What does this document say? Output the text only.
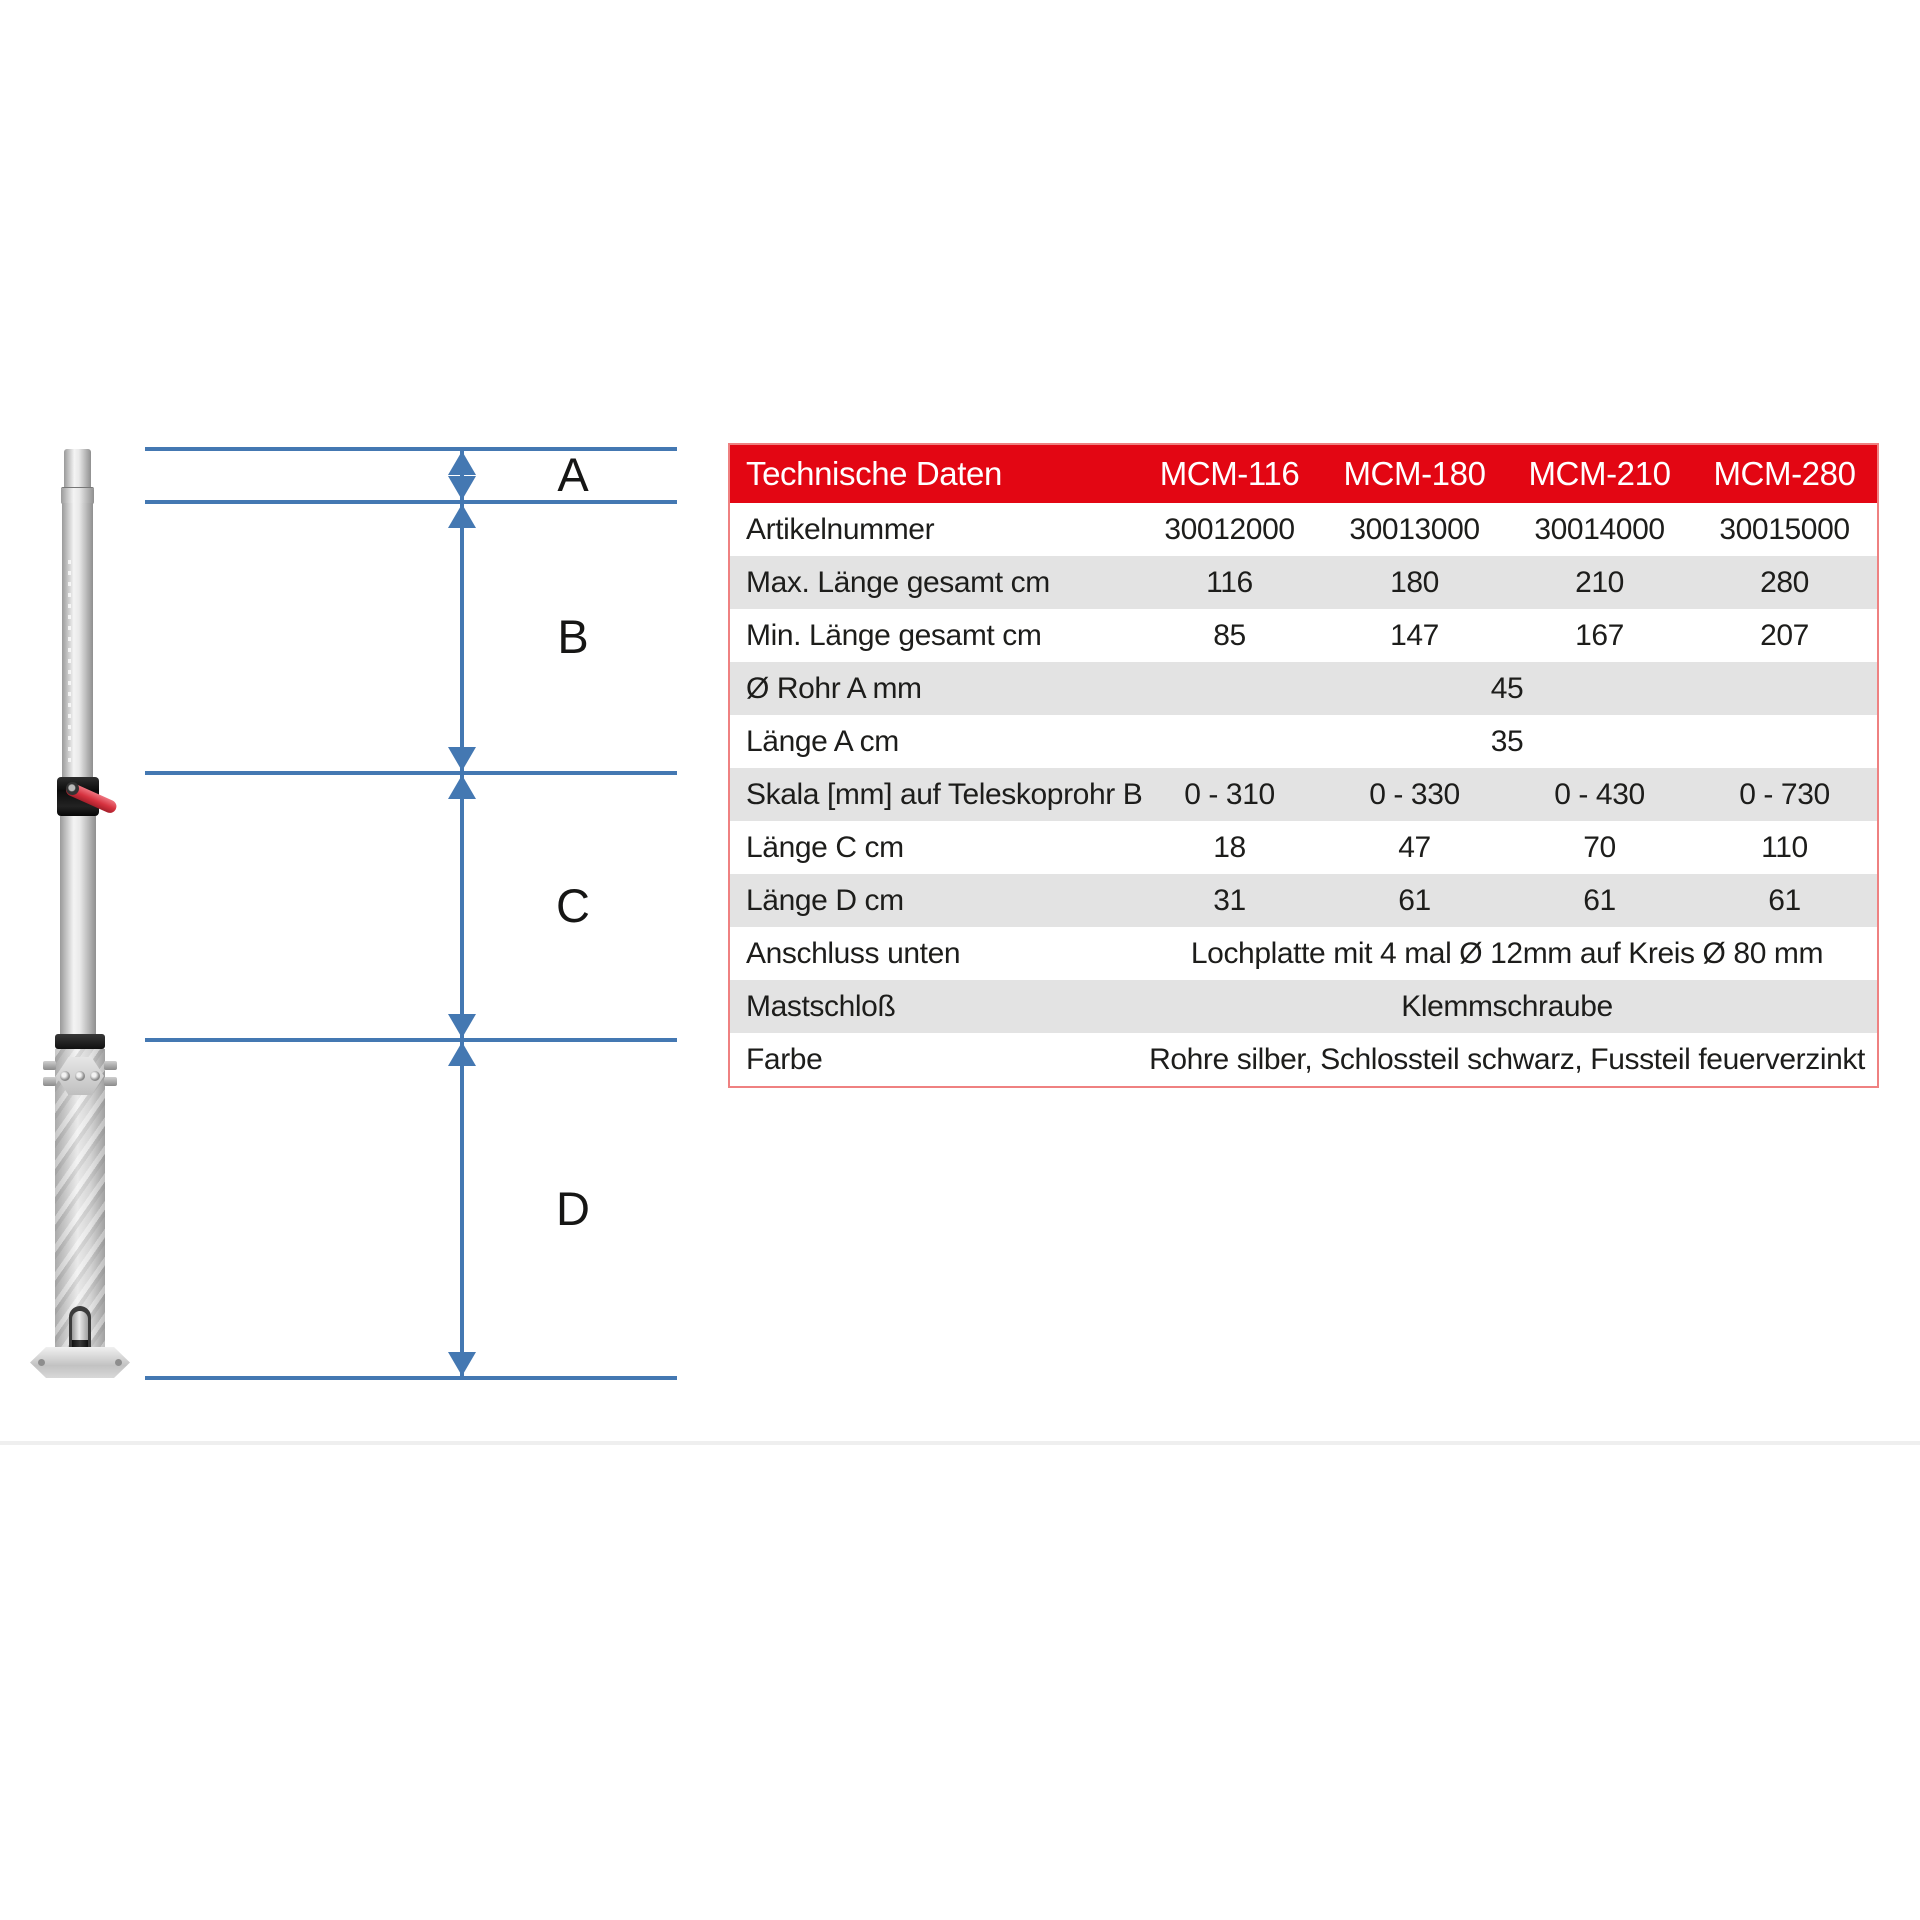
A
B
C
D
Technische Daten	MCM-116	MCM-180	MCM-210	MCM-280
Artikelnummer	30012000	30013000	30014000	30015000
Max. Länge gesamt cm	116	180	210	280
Min. Länge gesamt cm	85	147	167	207
Ø Rohr A mm	45
Länge A cm	35
Skala [mm] auf Teleskoprohr B	0 - 310	0 - 330	0 - 430	0 - 730
Länge C cm	18	47	70	110
Länge D cm	31	61	61	61
Anschluss unten	Lochplatte mit 4 mal Ø 12mm auf Kreis Ø 80 mm
Mastschloß	Klemmschraube
Farbe	Rohre silber, Schlossteil schwarz, Fussteil feuerverzinkt
